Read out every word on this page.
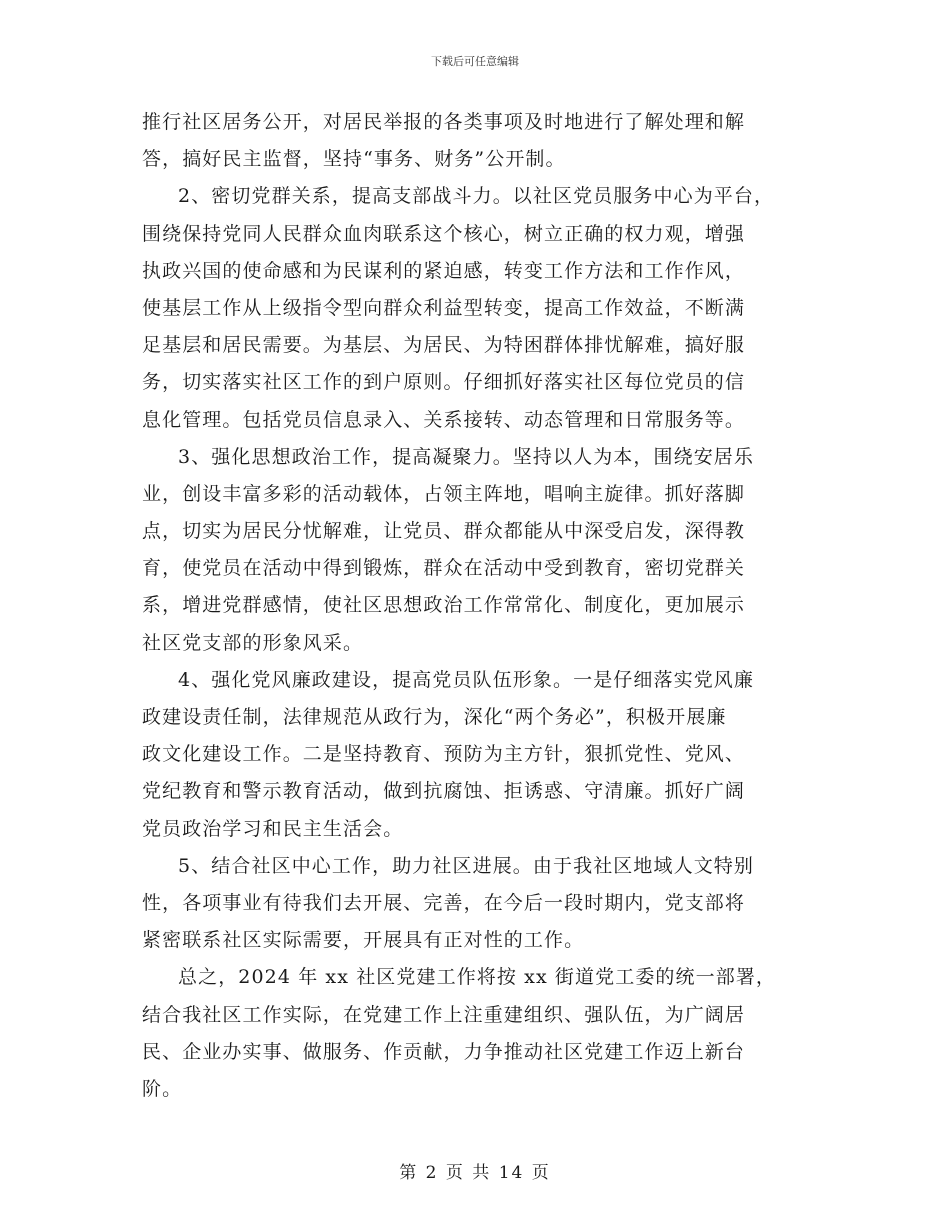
下载后可任意编辑
推行社区居务公开，对居民举报的各类事项及时地进行了解处理和解
答，搞好民主监督，坚持“事务、财务”公开制。
2、密切党群关系，提高支部战斗力。以社区党员服务中心为平台，
围绕保持党同人民群众血肉联系这个核心，树立正确的权力观，增强
执政兴国的使命感和为民谋利的紧迫感，转变工作方法和工作作风，
使基层工作从上级指令型向群众利益型转变，提高工作效益，不断满
足基层和居民需要。为基层、为居民、为特困群体排忧解难，搞好服
务，切实落实社区工作的到户原则。仔细抓好落实社区每位党员的信
息化管理。包括党员信息录入、关系接转、动态管理和日常服务等。
3、强化思想政治工作，提高凝聚力。坚持以人为本，围绕安居乐
业，创设丰富多彩的活动载体，占领主阵地，唱响主旋律。抓好落脚
点，切实为居民分忧解难，让党员、群众都能从中深受启发，深得教
育，使党员在活动中得到锻炼，群众在活动中受到教育，密切党群关
系，增进党群感情，使社区思想政治工作常常化、制度化，更加展示
社区党支部的形象风采。
4、强化党风廉政建设，提高党员队伍形象。一是仔细落实党风廉
政建设责任制，法律规范从政行为，深化“两个务必”，积极开展廉
政文化建设工作。二是坚持教育、预防为主方针，狠抓党性、党风、
党纪教育和警示教育活动，做到抗腐蚀、拒诱惑、守清廉。抓好广阔
党员政治学习和民主生活会。
5、结合社区中心工作，助力社区进展。由于我社区地域人文特别
性，各项事业有待我们去开展、完善，在今后一段时期内，党支部将
紧密联系社区实际需要，开展具有正对性的工作。
总之，2024 年 xx 社区党建工作将按 xx 街道党工委的统一部署，
结合我社区工作实际，在党建工作上注重建组织、强队伍，为广阔居
民、企业办实事、做服务、作贡献，力争推动社区党建工作迈上新台
阶。
第 2 页 共 14 页
